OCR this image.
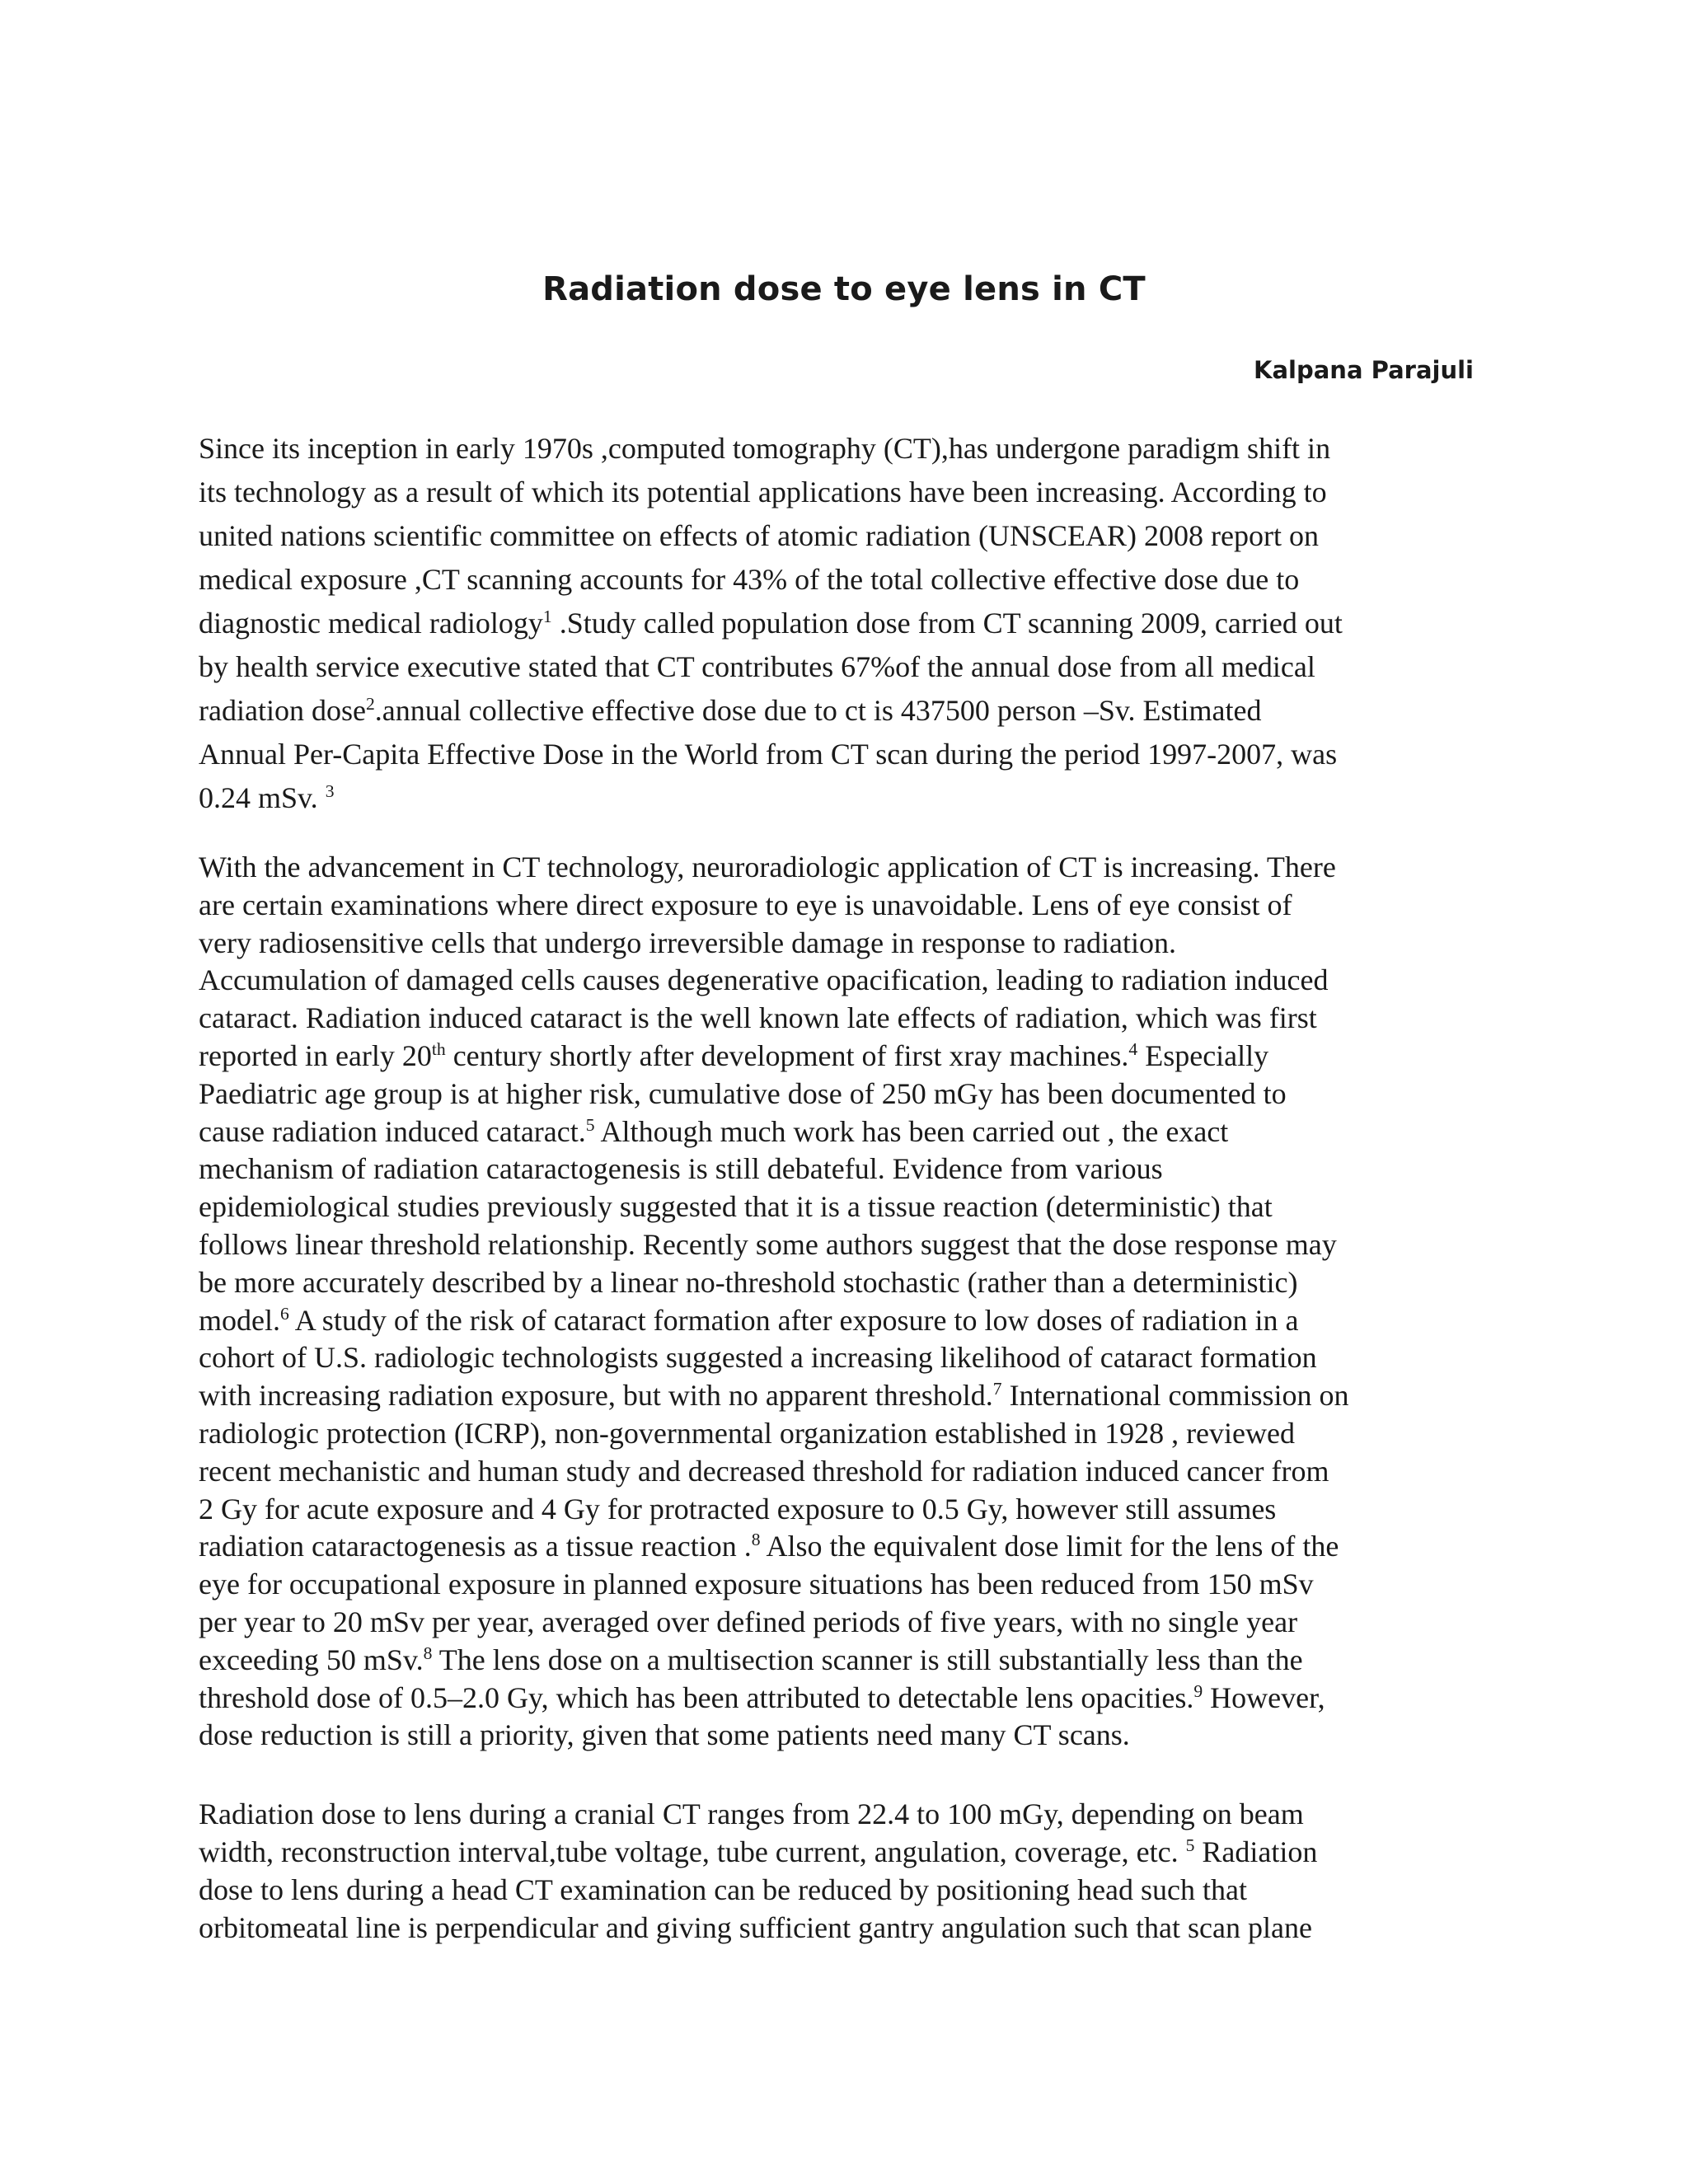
Radiation dose to eye lens in CT

Kalpana Parajuli

Since its inception in early 1970s ,computed tomography (CT),has undergone paradigm shift in
its technology as a result of which its potential applications have been increasing. According to
united nations scientific committee on effects of atomic radiation (UNSCEAR) 2008 report on
medical exposure ,CT scanning accounts for 43% of the total collective effective dose due to
diagnostic medical radiology$^1$ .Study called population dose from CT scanning 2009, carried out
by health service executive stated that CT contributes 67%of the annual dose from all medical
radiation dose$^2$.annual collective effective dose due to ct is 437500 person –Sv. Estimated
Annual Per-Capita Effective Dose in the World from CT scan during the period 1997-2007, was
0.24 mSv. $^3$

With the advancement in CT technology, neuroradiologic application of CT is increasing. There
are certain examinations where direct exposure to eye is unavoidable. Lens of eye consist of
very radiosensitive cells that undergo irreversible damage in response to radiation.
Accumulation of damaged cells causes degenerative opacification, leading to radiation induced
cataract. Radiation induced cataract is the well known late effects of radiation, which was first
reported in early 20th century shortly after development of first xray machines.$^4$ Especially
Paediatric age group is at higher risk, cumulative dose of 250 mGy has been documented to
cause radiation induced cataract.$^5$ Although much work has been carried out , the exact
mechanism of radiation cataractogenesis is still debateful. Evidence from various
epidemiological studies previously suggested that it is a tissue reaction (deterministic) that
follows linear threshold relationship. Recently some authors suggest that the dose response may
be more accurately described by a linear no-threshold stochastic (rather than a deterministic)
model.$^6$ A study of the risk of cataract formation after exposure to low doses of radiation in a
cohort of U.S. radiologic technologists suggested a increasing likelihood of cataract formation
with increasing radiation exposure, but with no apparent threshold.$^7$ International commission on
radiologic protection (ICRP), non-governmental organization established in 1928 , reviewed
recent mechanistic and human study and decreased threshold for radiation induced cancer from
2 Gy for acute exposure and 4 Gy for protracted exposure to 0.5 Gy, however still assumes
radiation cataractogenesis as a tissue reaction .$^8$ Also the equivalent dose limit for the lens of the
eye for occupational exposure in planned exposure situations has been reduced from 150 mSv
per year to 20 mSv per year, averaged over defined periods of five years, with no single year
exceeding 50 mSv.$^8$ The lens dose on a multisection scanner is still substantially less than the
threshold dose of 0.5–2.0 Gy, which has been attributed to detectable lens opacities.$^9$ However,
dose reduction is still a priority, given that some patients need many CT scans.

Radiation dose to lens during a cranial CT ranges from 22.4 to 100 mGy, depending on beam
width, reconstruction interval,tube voltage, tube current, angulation, coverage, etc. $^5$ Radiation
dose to lens during a head CT examination can be reduced by positioning head such that
orbitomeatal line is perpendicular and giving sufficient gantry angulation such that scan plane
